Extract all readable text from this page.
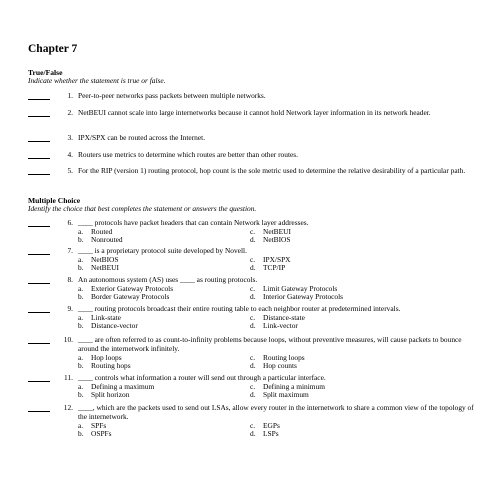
Chapter 7
True/False
Indicate whether the statement is true or false.
1. Peer-to-peer networks pass packets between multiple networks.
2. NetBEUI cannot scale into large internetworks because it cannot hold Network layer information in its network header.
3. IPX/SPX can be routed across the Internet.
4. Routers use metrics to determine which routes are better than other routes.
5. For the RIP (version 1) routing protocol, hop count is the sole metric used to determine the relative desirability of a particular path.
Multiple Choice
Identify the choice that best completes the statement or answers the question.
6. ____ protocols have packet headers that can contain Network layer addresses.
a.	Routed	c.	NetBEUI
b.	Nonrouted	d.	NetBIOS
7. ____ is a proprietary protocol suite developed by Novell.
a.	NetBIOS	c.	IPX/SPX
b.	NetBEUI	d.	TCP/IP
8. An autonomous system (AS) uses ____ as routing protocols.
a.	Exterior Gateway Protocols	c.	Limit Gateway Protocols
b.	Border Gateway Protocols	d.	Interior Gateway Protocols
9. ____ routing protocols broadcast their entire routing table to each neighbor router at predetermined intervals.
a.	Link-state	c.	Distance-state
b.	Distance-vector	d.	Link-vector
10. ____ are often referred to as count-to-infinity problems because loops, without preventive measures, will cause packets to bounce around the internetwork infinitely.
a.	Hop loops	c.	Routing loops
b.	Routing hops	d.	Hop counts
11. ____ controls what information a router will send out through a particular interface.
a.	Defining a maximum	c.	Defining a minimum
b.	Split horizon	d.	Split maximum
12. ____, which are the packets used to send out LSAs, allow every router in the internetwork to share a common view of the topology of the internetwork.
a.	SPFs	c.	EGPs
b.	OSPFs	d.	LSPs
